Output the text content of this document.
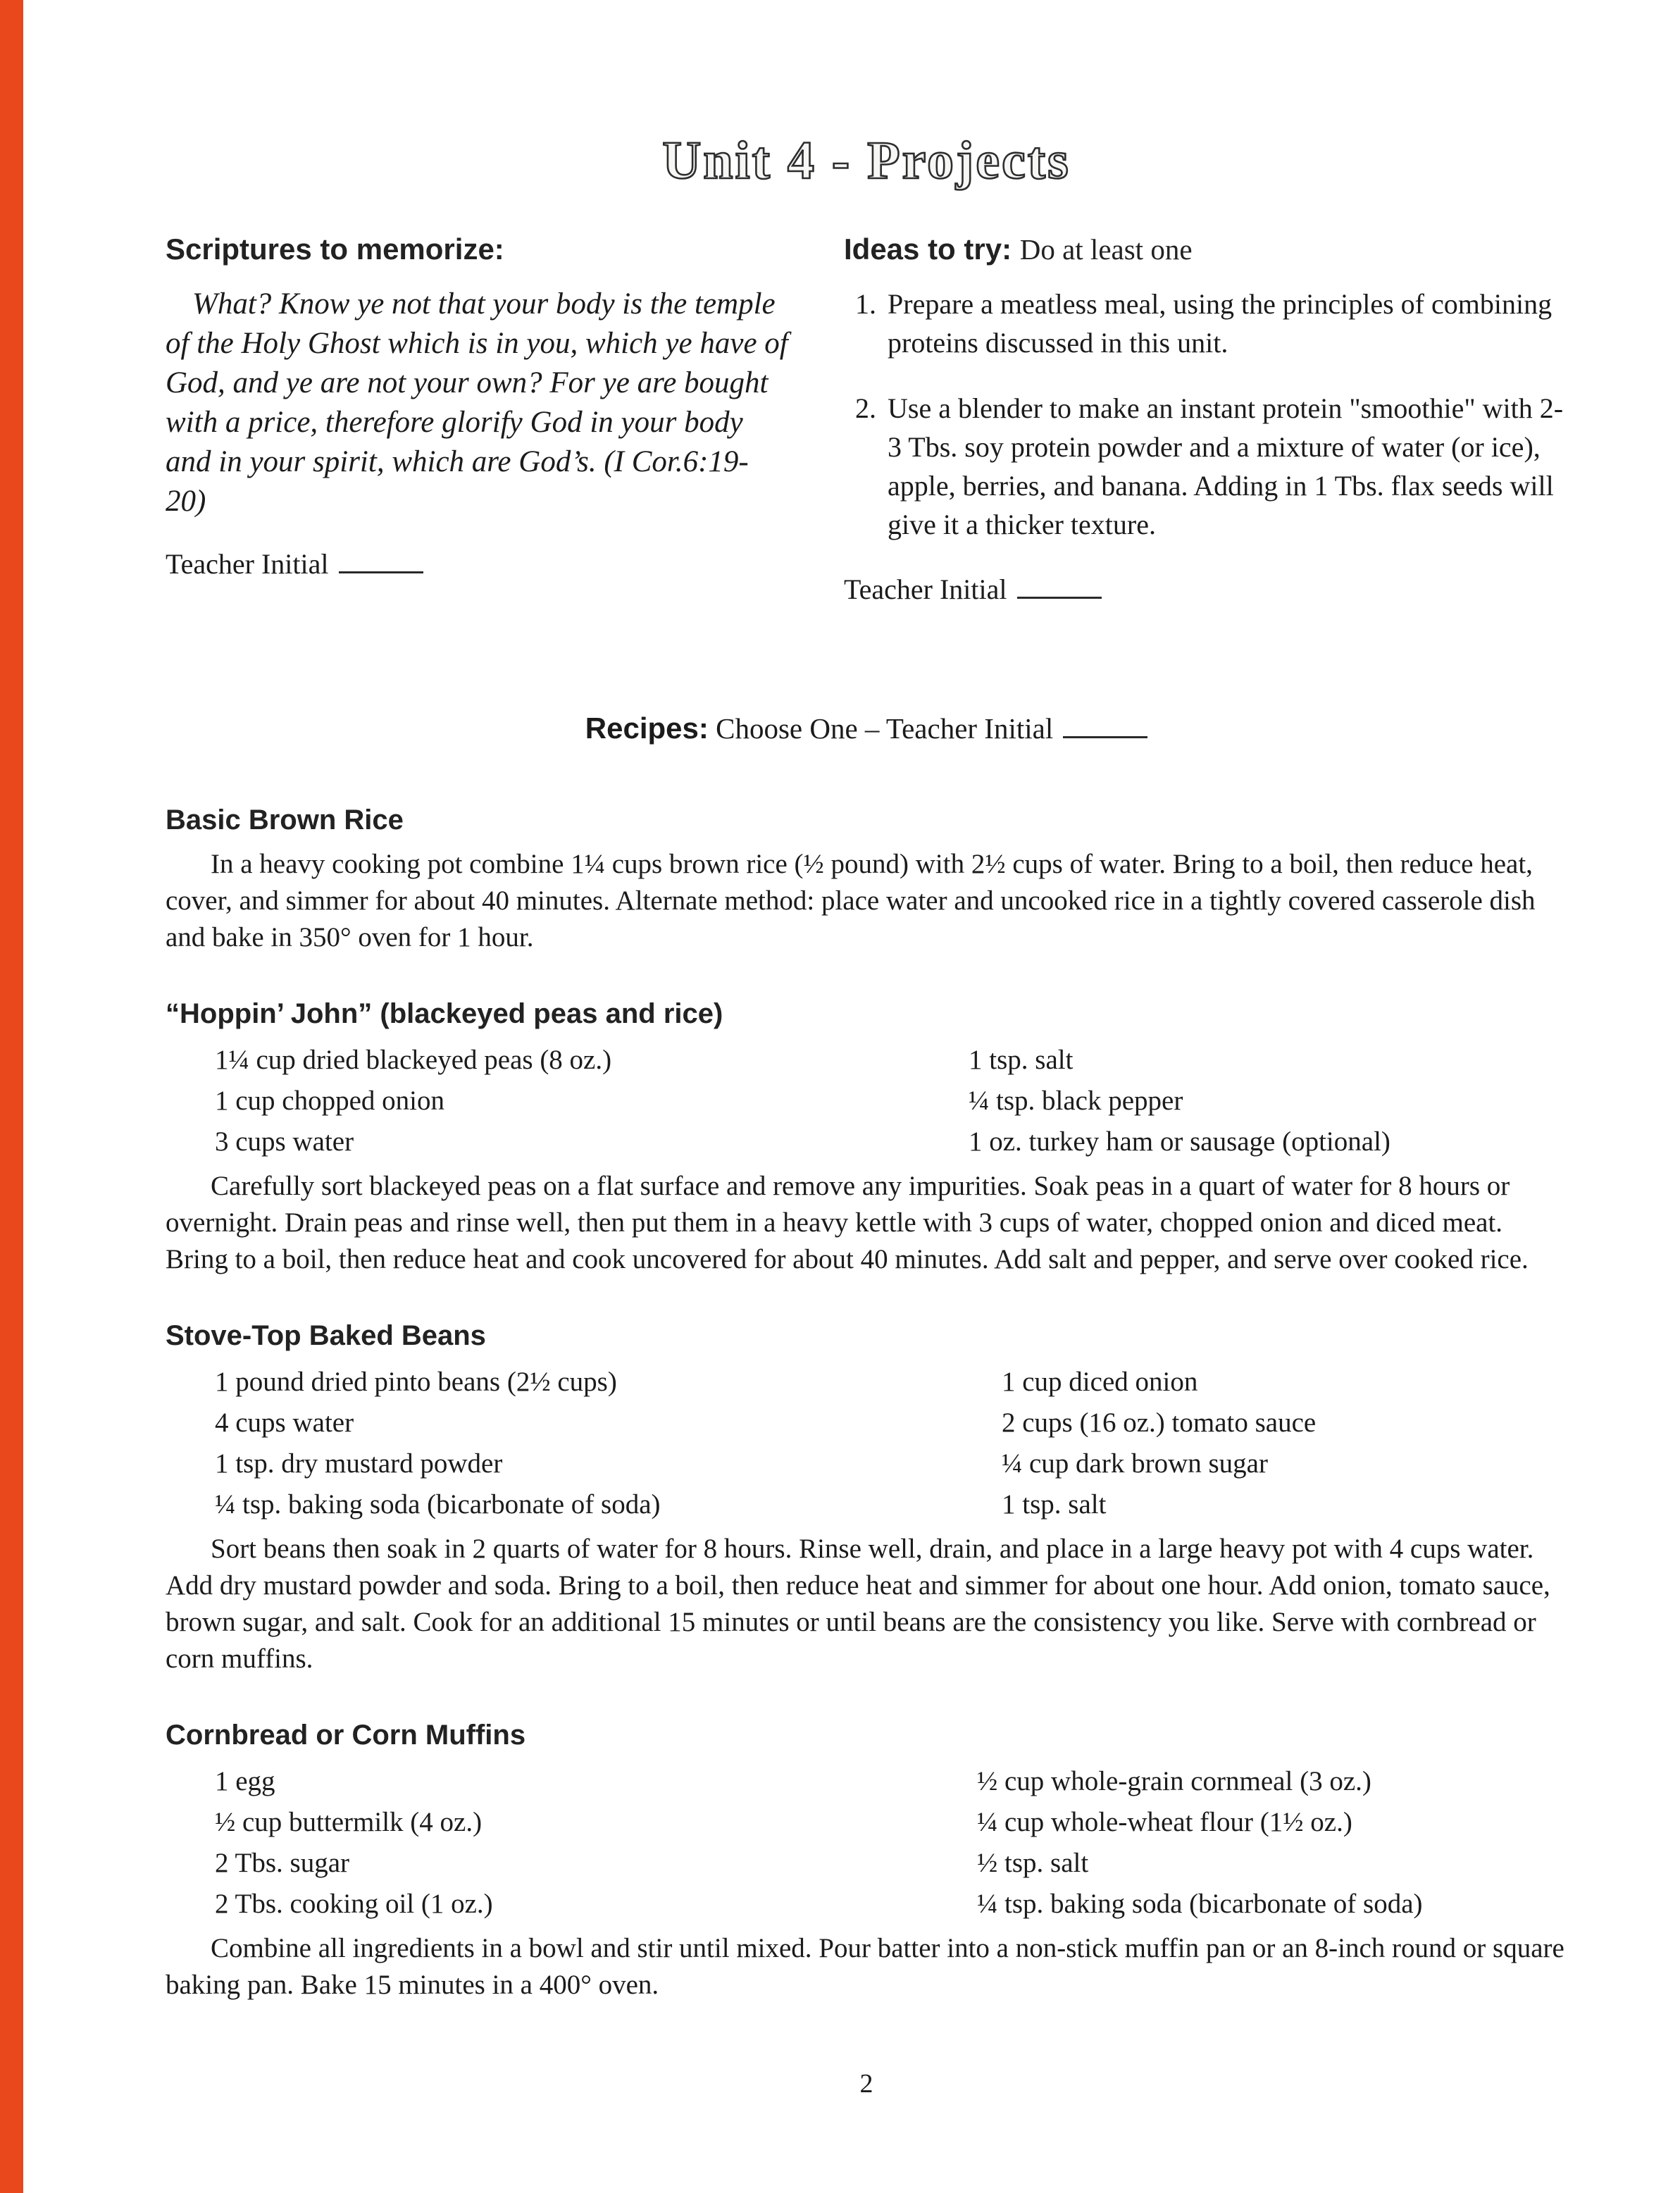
Unit 4 - Projects
Scriptures to memorize:

What? Know ye not that your body is the temple of the Holy Ghost which is in you, which ye have of God, and ye are not your own? For ye are bought with a price, therefore glorify God in your body and in your spirit, which are God’s. (I Cor.6:19-20)

Teacher Initial
Ideas to try: Do at least one
1. Prepare a meatless meal, using the principles of combining proteins discussed in this unit.
2. Use a blender to make an instant protein "smoothie" with 2-3 Tbs. soy protein powder and a mixture of water (or ice), apple, berries, and banana. Adding in 1 Tbs. flax seeds will give it a thicker texture.
Teacher Initial
Recipes: Choose One – Teacher Initial
Basic Brown Rice

In a heavy cooking pot combine 1¼ cups brown rice (½ pound) with 2½ cups of water. Bring to a boil, then reduce heat, cover, and simmer for about 40 minutes. Alternate method: place water and uncooked rice in a tightly covered casserole dish and bake in 350° oven for 1 hour.

“Hoppin’ John” (blackeyed peas and rice)
1¼ cup dried blackeyed peas (8 oz.)	1 tsp. salt
1 cup chopped onion	¼ tsp. black pepper
3 cups water	1 oz. turkey ham or sausage (optional)

Carefully sort blackeyed peas on a flat surface and remove any impurities. Soak peas in a quart of water for 8 hours or overnight. Drain peas and rinse well, then put them in a heavy kettle with 3 cups of water, chopped onion and diced meat. Bring to a boil, then reduce heat and cook uncovered for about 40 minutes. Add salt and pepper, and serve over cooked rice.

Stove-Top Baked Beans
1 pound dried pinto beans (2½ cups)	1 cup diced onion
4 cups water	2 cups (16 oz.) tomato sauce
1 tsp. dry mustard powder	¼ cup dark brown sugar
¼ tsp. baking soda (bicarbonate of soda)	1 tsp. salt

Sort beans then soak in 2 quarts of water for 8 hours. Rinse well, drain, and place in a large heavy pot with 4 cups water. Add dry mustard powder and soda. Bring to a boil, then reduce heat and simmer for about one hour. Add onion, tomato sauce, brown sugar, and salt. Cook for an additional 15 minutes or until beans are the consistency you like. Serve with cornbread or corn muffins.

Cornbread or Corn Muffins
1 egg	½ cup whole-grain cornmeal (3 oz.)
½ cup buttermilk (4 oz.)	¼ cup whole-wheat flour (1½ oz.)
2 Tbs. sugar	½ tsp. salt
2 Tbs. cooking oil (1 oz.)	¼ tsp. baking soda (bicarbonate of soda)

Combine all ingredients in a bowl and stir until mixed. Pour batter into a non-stick muffin pan or an 8-inch round or square baking pan. Bake 15 minutes in a 400° oven.

2
